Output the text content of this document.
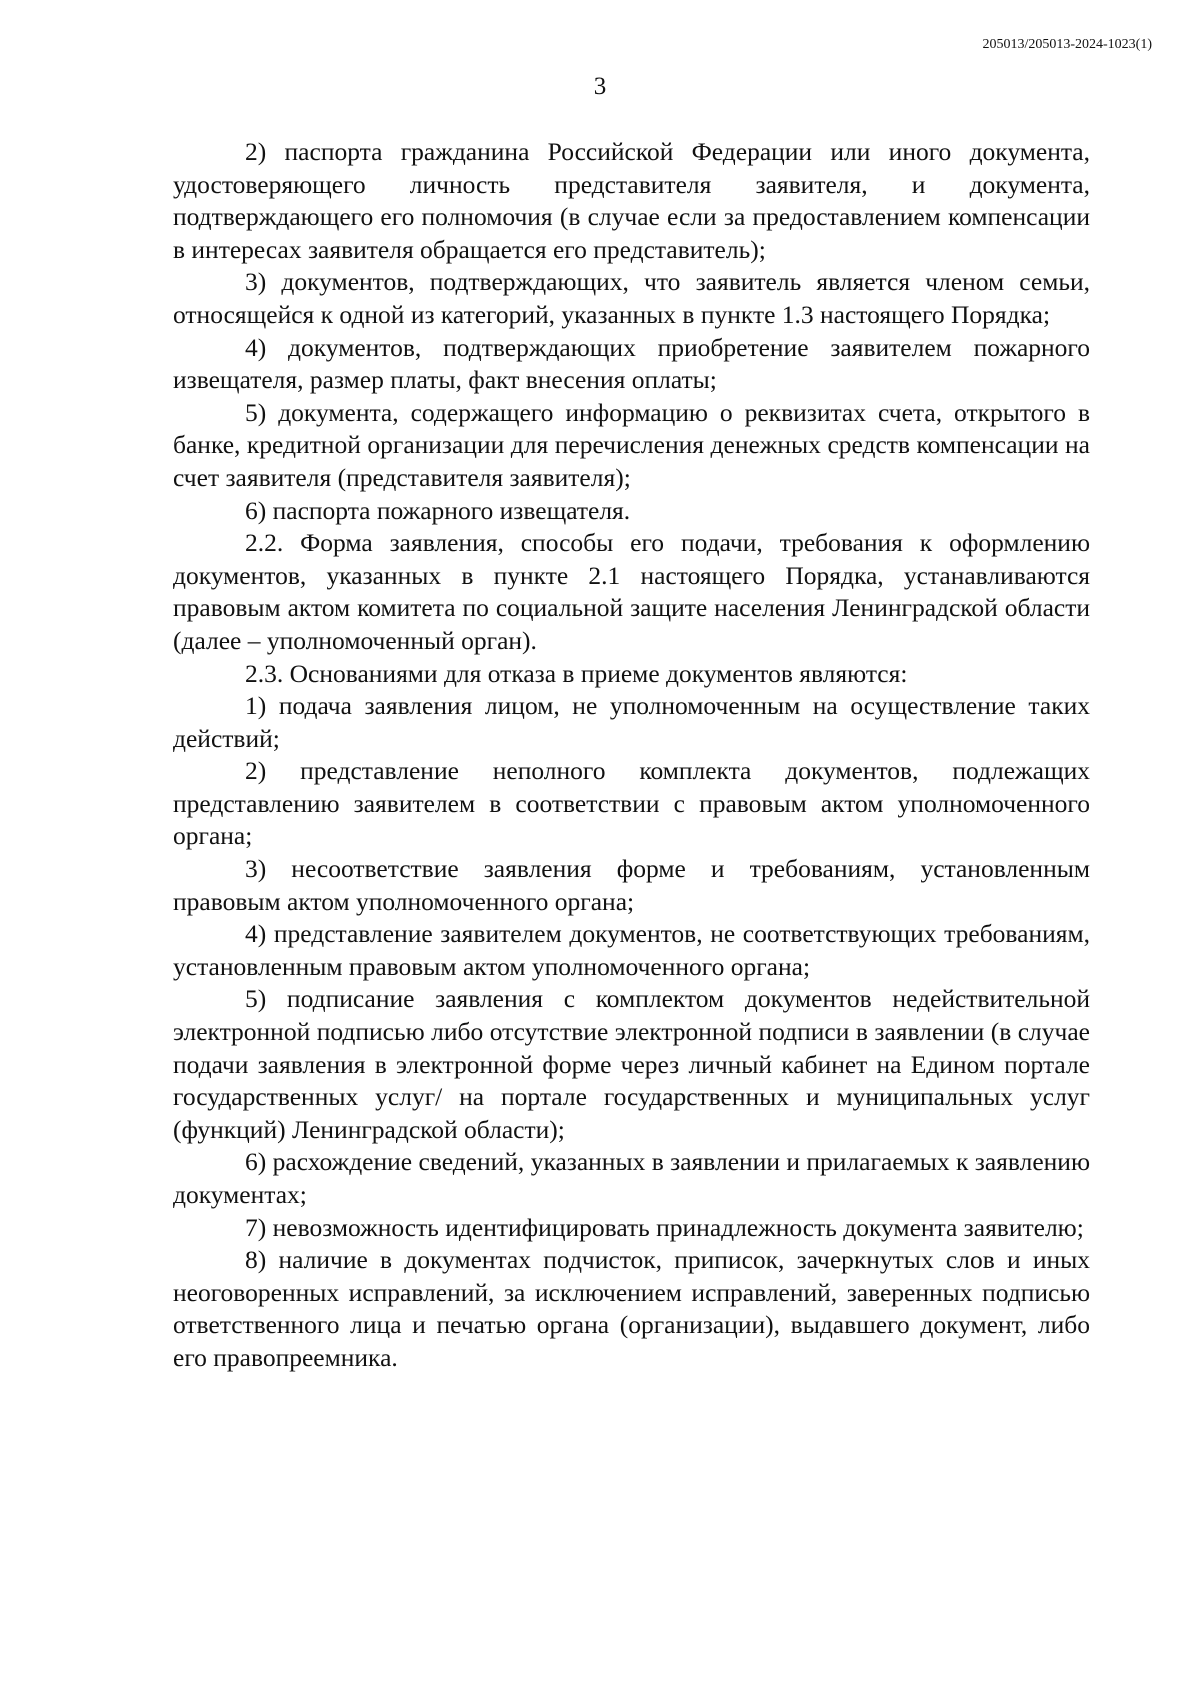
205013/205013-2024-1023(1)
3

2) паспорта гражданина Российской Федерации или иного документа, удостоверяющего личность представителя заявителя, и документа, подтверждающего его полномочия (в случае если за предоставлением компенсации в интересах заявителя обращается его представитель);

3) документов, подтверждающих, что заявитель является членом семьи, относящейся к одной из категорий, указанных в пункте 1.3 настоящего Порядка;

4) документов, подтверждающих приобретение заявителем пожарного извещателя, размер платы, факт внесения оплаты;

5) документа, содержащего информацию о реквизитах счета, открытого в банке, кредитной организации для перечисления денежных средств компенсации на счет заявителя (представителя заявителя);

6) паспорта пожарного извещателя.

2.2. Форма заявления, способы его подачи, требования к оформлению документов, указанных в пункте 2.1 настоящего Порядка, устанавливаются правовым актом комитета по социальной защите населения Ленинградской области (далее – уполномоченный орган).

2.3. Основаниями для отказа в приеме документов являются:

1) подача заявления лицом, не уполномоченным на осуществление таких действий;

2) представление неполного комплекта документов, подлежащих представлению заявителем в соответствии с правовым актом уполномоченного органа;

3) несоответствие заявления форме и требованиям, установленным правовым актом уполномоченного органа;

4) представление заявителем документов, не соответствующих требованиям, установленным правовым актом уполномоченного органа;

5) подписание заявления с комплектом документов недействительной электронной подписью либо отсутствие электронной подписи в заявлении (в случае подачи заявления в электронной форме через личный кабинет на Едином портале государственных услуг/ на портале государственных и муниципальных услуг (функций) Ленинградской области);

6) расхождение сведений, указанных в заявлении и прилагаемых к заявлению документах;

7) невозможность идентифицировать принадлежность документа заявителю;

8) наличие в документах подчисток, приписок, зачеркнутых слов и иных неоговоренных исправлений, за исключением исправлений, заверенных подписью ответственного лица и печатью органа (организации), выдавшего документ, либо его правопреемника.
